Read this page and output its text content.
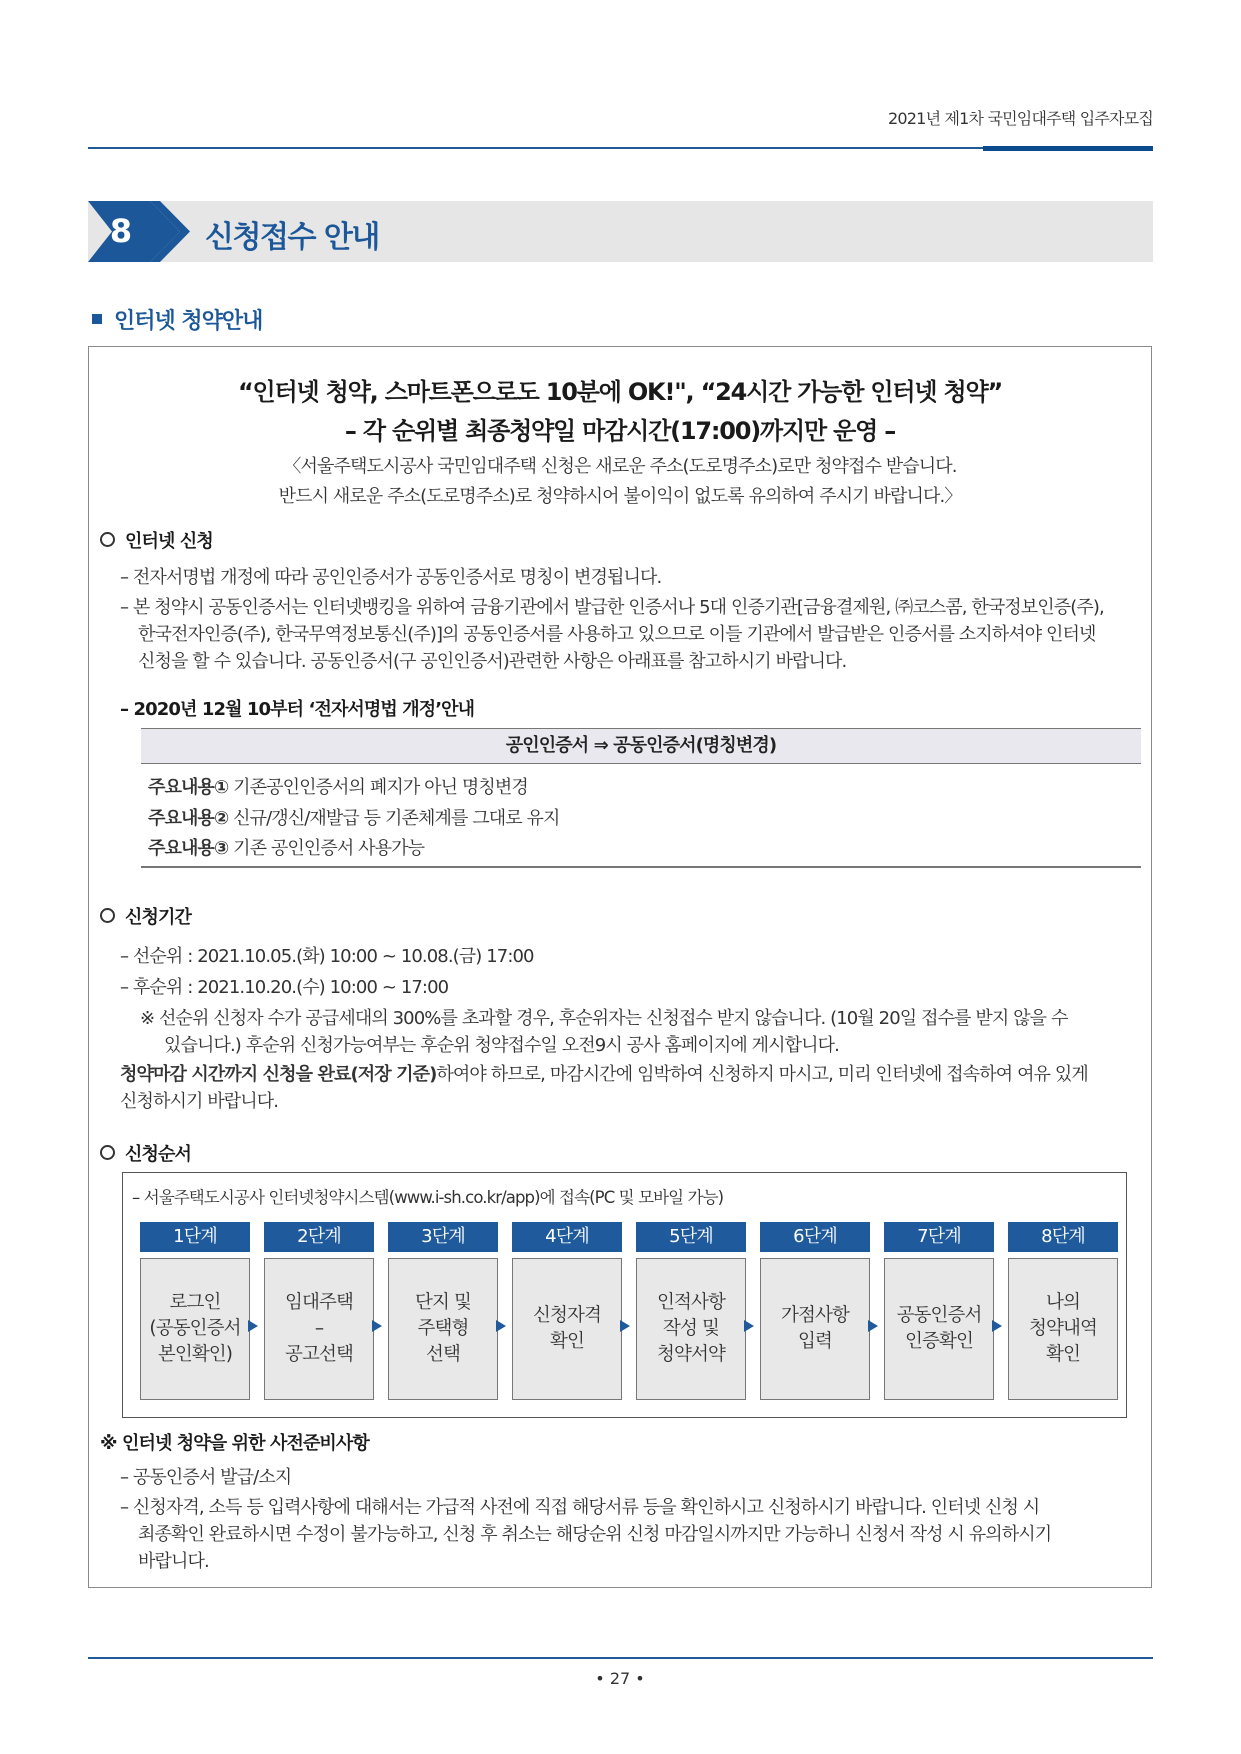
2021년 제1차 국민임대주택 입주자모집
8	신청접수 안내
인터넷 청약안내
“인터넷 청약, 스마트폰으로도 10분에 OK!", “24시간 가능한 인터넷 청약”
– 각 순위별 최종청약일 마감시간(17:00)까지만 운영 –
〈서울주택도시공사 국민임대주택 신청은 새로운 주소(도로명주소)로만 청약접수 받습니다.
반드시 새로운 주소(도로명주소)로 청약하시어 불이익이 없도록 유의하여 주시기 바랍니다.〉
인터넷 신청
– 전자서명법 개정에 따라 공인인증서가 공동인증서로 명칭이 변경됩니다.
– 본 청약시 공동인증서는 인터넷뱅킹을 위하여 금융기관에서 발급한 인증서나 5대 인증기관[금융결제원, ㈜코스콤, 한국정보인증(주),
한국전자인증(주), 한국무역정보통신(주)]의 공동인증서를 사용하고 있으므로 이들 기관에서 발급받은 인증서를 소지하셔야 인터넷
신청을 할 수 있습니다. 공동인증서(구 공인인증서)관련한 사항은 아래표를 참고하시기 바랍니다.
– 2020년 12월 10부터 ‘전자서명법 개정’안내
공인인증서 ⇒ 공동인증서(명칭변경)
주요내용① 기존공인인증서의 폐지가 아닌 명칭변경
주요내용② 신규/갱신/재발급 등 기존체계를 그대로 유지
주요내용③ 기존 공인인증서 사용가능
신청기간
– 선순위 : 2021.10.05.(화) 10:00 ~ 10.08.(금) 17:00
– 후순위 : 2021.10.20.(수) 10:00 ~ 17:00
※ 선순위 신청자 수가 공급세대의 300%를 초과할 경우, 후순위자는 신청접수 받지 않습니다. (10월 20일 접수를 받지 않을 수
있습니다.) 후순위 신청가능여부는 후순위 청약접수일 오전9시 공사 홈페이지에 게시합니다.
청약마감 시간까지 신청을 완료(저장 기준)하여야 하므로, 마감시간에 임박하여 신청하지 마시고, 미리 인터넷에 접속하여 여유 있게
신청하시기 바랍니다.
신청순서
– 서울주택도시공사 인터넷청약시스템(www.i-sh.co.kr/app)에 접속(PC 및 모바일 가능)
1단계	2단계	3단계	4단계	5단계	6단계	7단계	8단계
로그인
(공동인증서
본인확인)
임대주택
–
공고선택
단지 및
주택형
선택
신청자격
확인
인적사항
작성 및
청약서약
가점사항
입력
공동인증서
인증확인
나의
청약내역
확인
※ 인터넷 청약을 위한 사전준비사항
– 공동인증서 발급/소지
– 신청자격, 소득 등 입력사항에 대해서는 가급적 사전에 직접 해당서류 등을 확인하시고 신청하시기 바랍니다. 인터넷 신청 시
최종확인 완료하시면 수정이 불가능하고, 신청 후 취소는 해당순위 신청 마감일시까지만 가능하니 신청서 작성 시 유의하시기
바랍니다.
• 27 •
